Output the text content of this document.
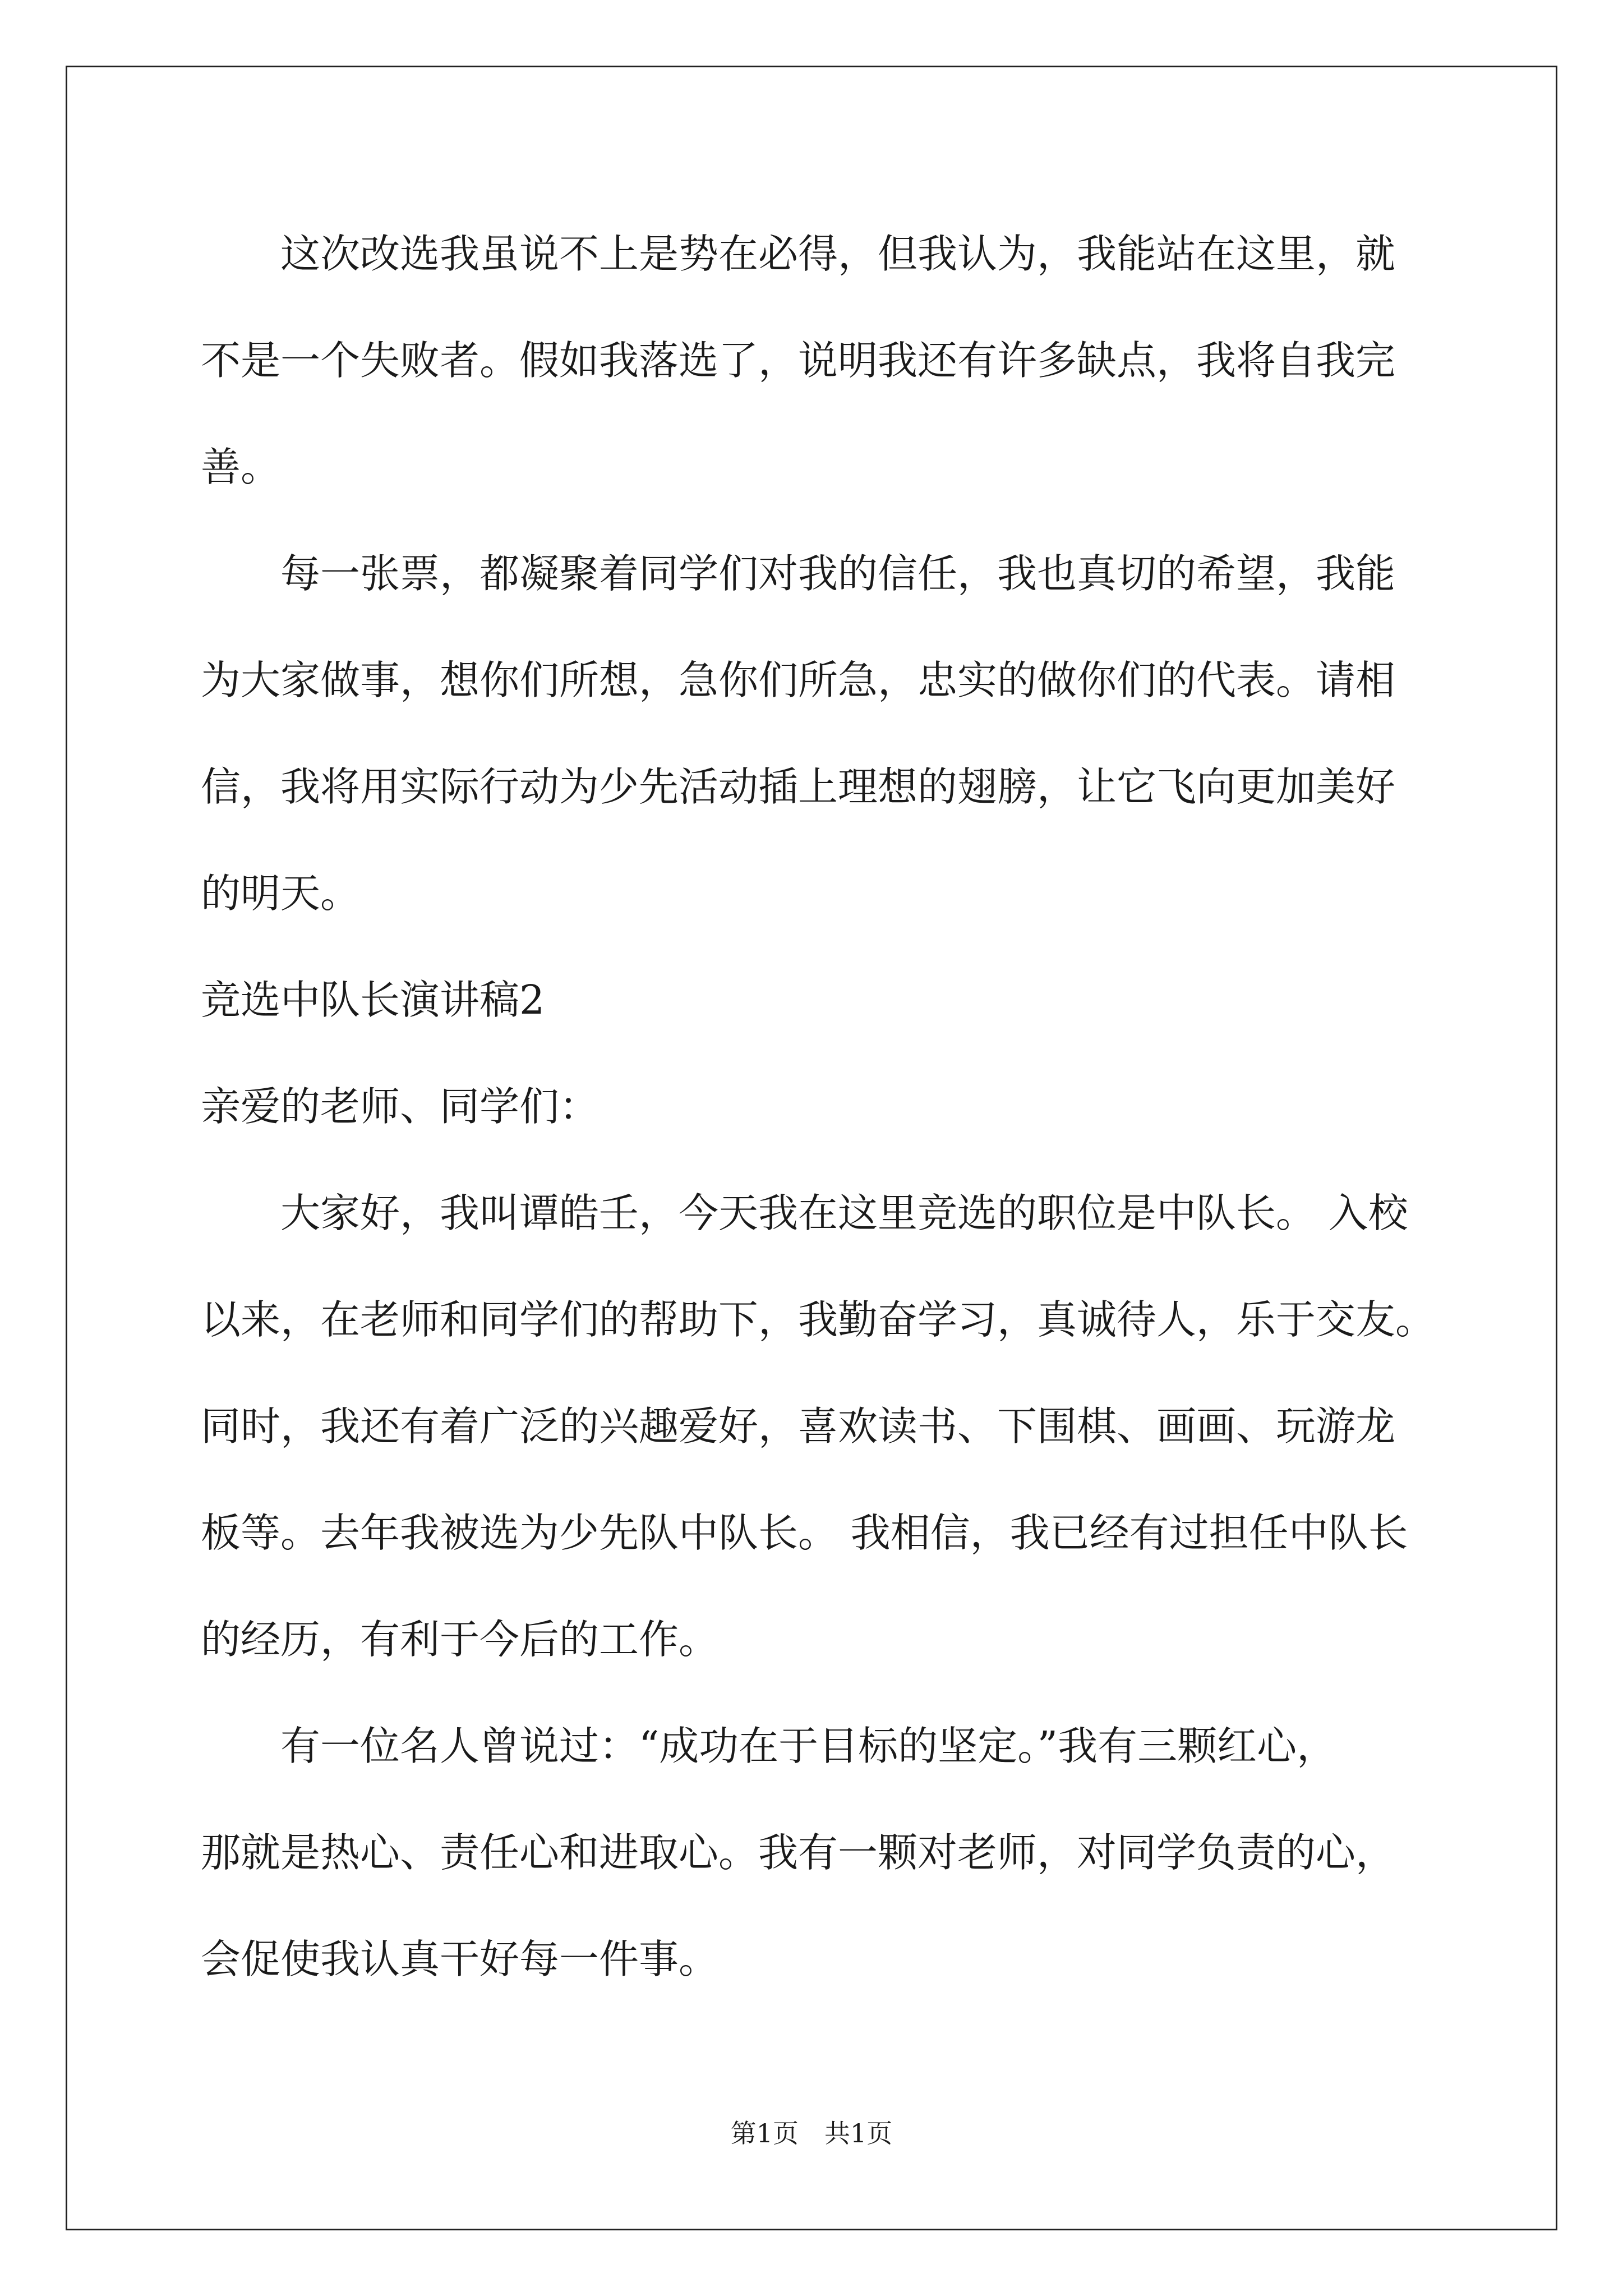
这次改选我虽说不上是势在必得，但我认为，我能站在这里，就
不是一个失败者。假如我落选了，说明我还有许多缺点，我将自我完
善。
每一张票，都凝聚着同学们对我的信任，我也真切的希望，我能
为大家做事，想你们所想，急你们所急，忠实的做你们的代表。请相
信，我将用实际行动为少先活动插上理想的翅膀，让它飞向更加美好
的明天。
竞选中队长演讲稿2
亲爱的老师、同学们：
大家好，我叫谭皓壬，今天我在这里竞选的职位是中队长。 入校
以来，在老师和同学们的帮助下，我勤奋学习，真诚待人，乐于交友。
同时，我还有着广泛的兴趣爱好，喜欢读书、下围棋、画画、玩游龙
板等。去年我被选为少先队中队长。 我相信，我已经有过担任中队长
的经历，有利于今后的工作。
有一位名人曾说过：“成功在于目标的坚定。”我有三颗红心，
那就是热心、责任心和进取心。我有一颗对老师，对同学负责的心，
会促使我认真干好每一件事。
第1页　共1页
